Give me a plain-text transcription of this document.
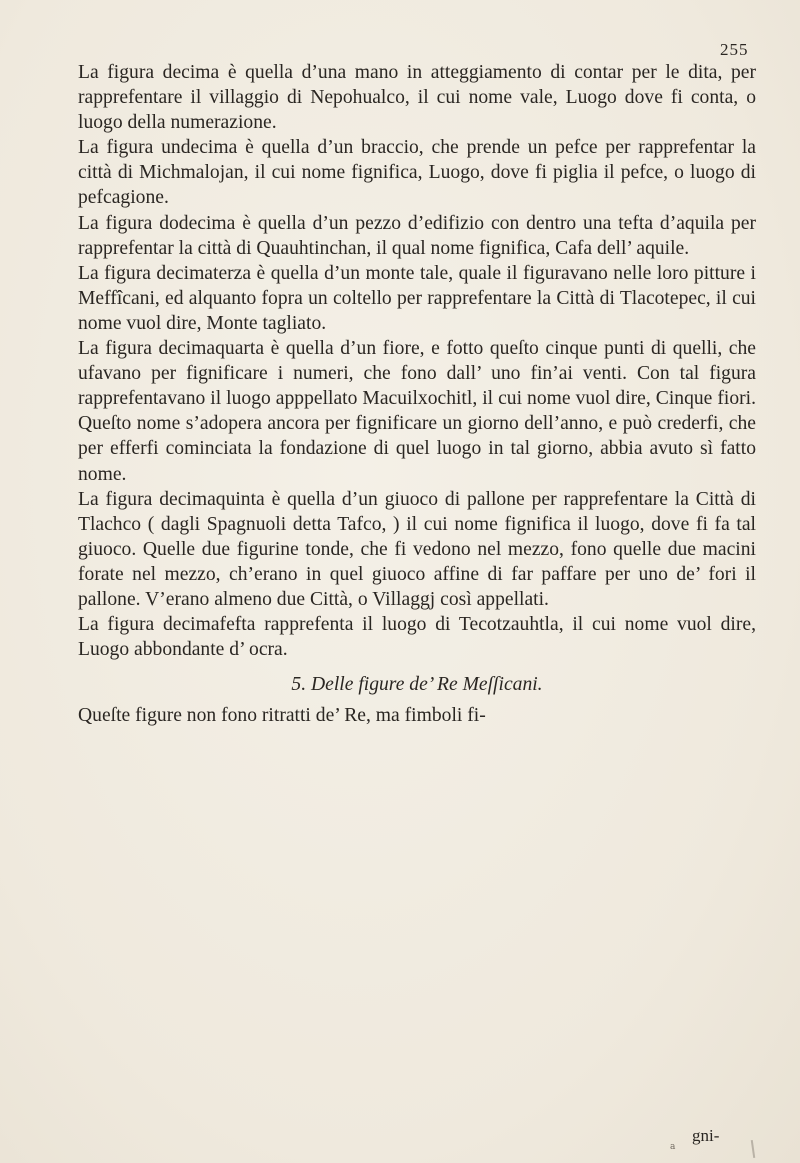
255

La figura decima è quella d’una mano in atteggiamento di contar per le dita, per rapprefentare il villaggio di Nepohualco, il cui nome vale, Luogo dove fi conta, o luogo della numerazione.

La figura undecima è quella d’un braccio, che prende un pefce per rapprefentar la città di Michmalojan, il cui nome fignifica, Luogo, dove fi piglia il pefce, o luogo di pefcagione.

La figura dodecima è quella d’un pezzo d’edifizio con dentro una tefta d’aquila per rapprefentar la città di Quauhtinchan, il qual nome fignifica, Cafa dell’ aquile.

La figura decimaterza è quella d’un monte tale, quale il figuravano nelle loro pitture i Meffîcani, ed alquanto fopra un coltello per rapprefentare la Città di Tlacotepec, il cui nome vuol dire, Monte tagliato.

La figura decimaquarta è quella d’un fiore, e fotto queſto cinque punti di quelli, che ufavano per fignificare i numeri, che fono dall’ uno fin’ai venti. Con tal figura rapprefentavano il luogo apppellato Macuilxochitl, il cui nome vuol dire, Cinque fiori. Queſto nome s’adopera ancora per fignificare un giorno dell’anno, e può crederfi, che per efferfi cominciata la fondazione di quel luogo in tal giorno, abbia avuto sì fatto nome.

La figura decimaquinta è quella d’un giuoco di pallone per rapprefentare la Città di Tlachco ( dagli Spagnuoli detta Tafco, ) il cui nome fignifica il luogo, dove fi fa tal giuoco. Quelle due figurine tonde, che fi vedono nel mezzo, fono quelle due macini forate nel mezzo, ch’erano in quel giuoco affine di far paffare per uno de’ fori il pallone. V’erano almeno due Città, o Villaggj così appellati.

La figura decimafefta rapprefenta il luogo di Tecotzauhtla, il cui nome vuol dire, Luogo abbondante d’ ocra.

5. Delle figure de’ Re Meſſicani.

Queſte figure non fono ritratti de’ Re, ma fimboli fi-

a
gni-
